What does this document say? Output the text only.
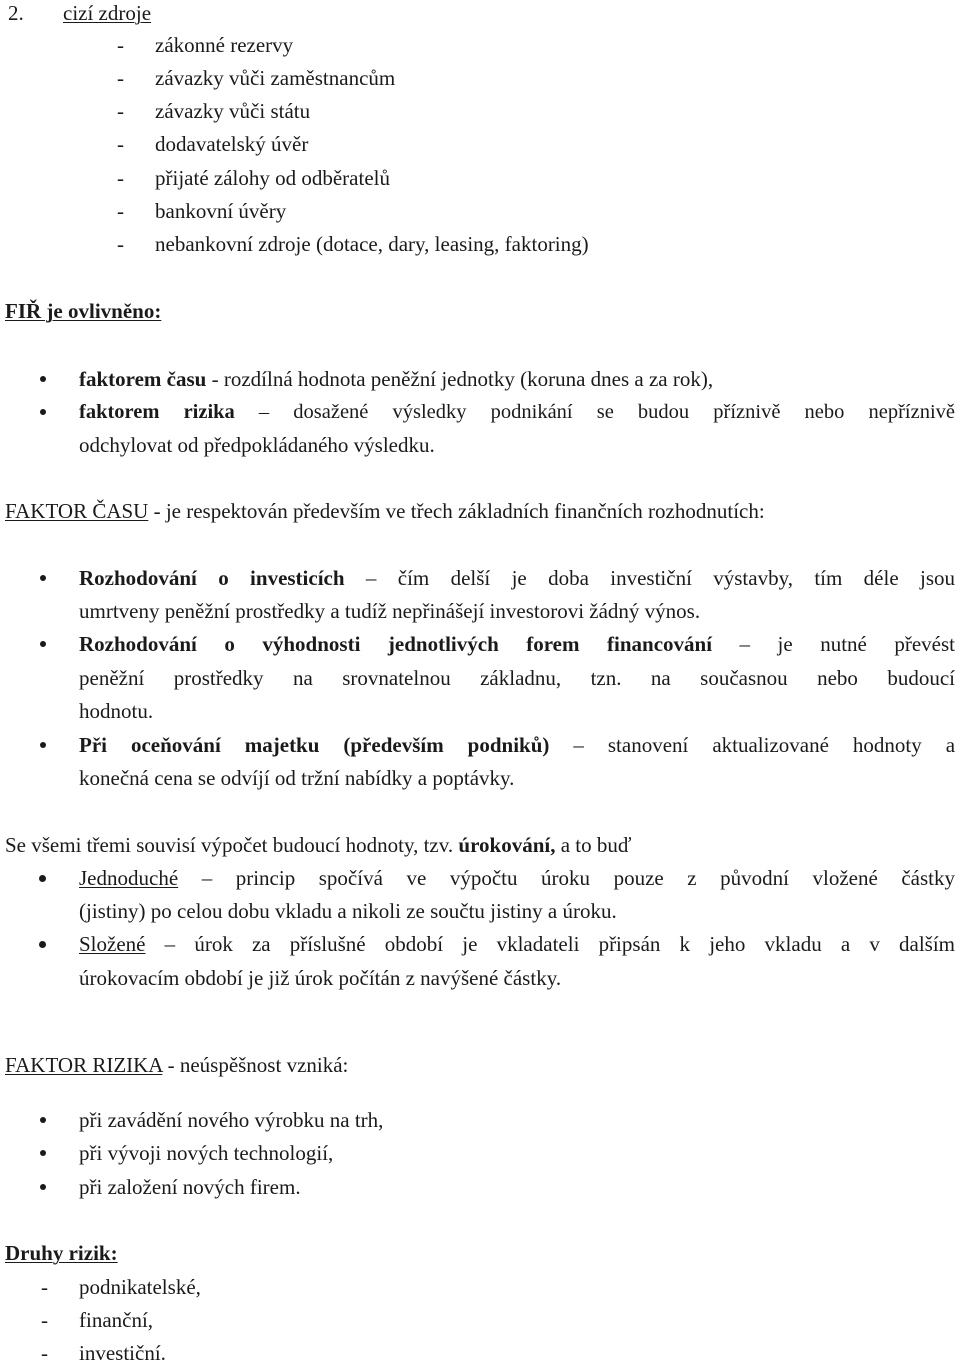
2. cizí zdroje
- zákonné rezervy
- závazky vůči zaměstnancům
- závazky vůči státu
- dodavatelský úvěr
- přijaté zálohy od odběratelů
- bankovní úvěry
- nebankovní zdroje (dotace, dary, leasing, faktoring)
FIŘ je ovlivněno:
faktorem času - rozdílná hodnota peněžní jednotky (koruna dnes a za rok),
faktorem rizika – dosažené výsledky podnikání se budou příznivě nebo nepříznivě
odchylovat od předpokládaného výsledku.
FAKTOR ČASU - je respektován především ve třech základních finančních rozhodnutích:
Rozhodování o investicích – čím delší je doba investiční výstavby, tím déle jsou
umrtveny peněžní prostředky a tudíž nepřinášejí investorovi žádný výnos.
Rozhodování o výhodnosti jednotlivých forem financování – je nutné převést
peněžní prostředky na srovnatelnou základnu, tzn. na současnou nebo budoucí
hodnotu.
Při oceňování majetku (především podniků) – stanovení aktualizované hodnoty a
konečná cena se odvíjí od tržní nabídky a poptávky.
Se všemi třemi souvisí výpočet budoucí hodnoty, tzv. úrokování, a to buď
Jednoduché – princip spočívá ve výpočtu úroku pouze z původní vložené částky
(jistiny) po celou dobu vkladu a nikoli ze součtu jistiny a úroku.
Složené – úrok za příslušné období je vkladateli připsán k jeho vkladu a v dalším
úrokovacím období je již úrok počítán z navýšené částky.
FAKTOR RIZIKA - neúspěšnost vzniká:
při zavádění nového výrobku na trh,
při vývoji nových technologií,
při založení nových firem.
Druhy rizik:
- podnikatelské,
- finanční,
- investiční.
